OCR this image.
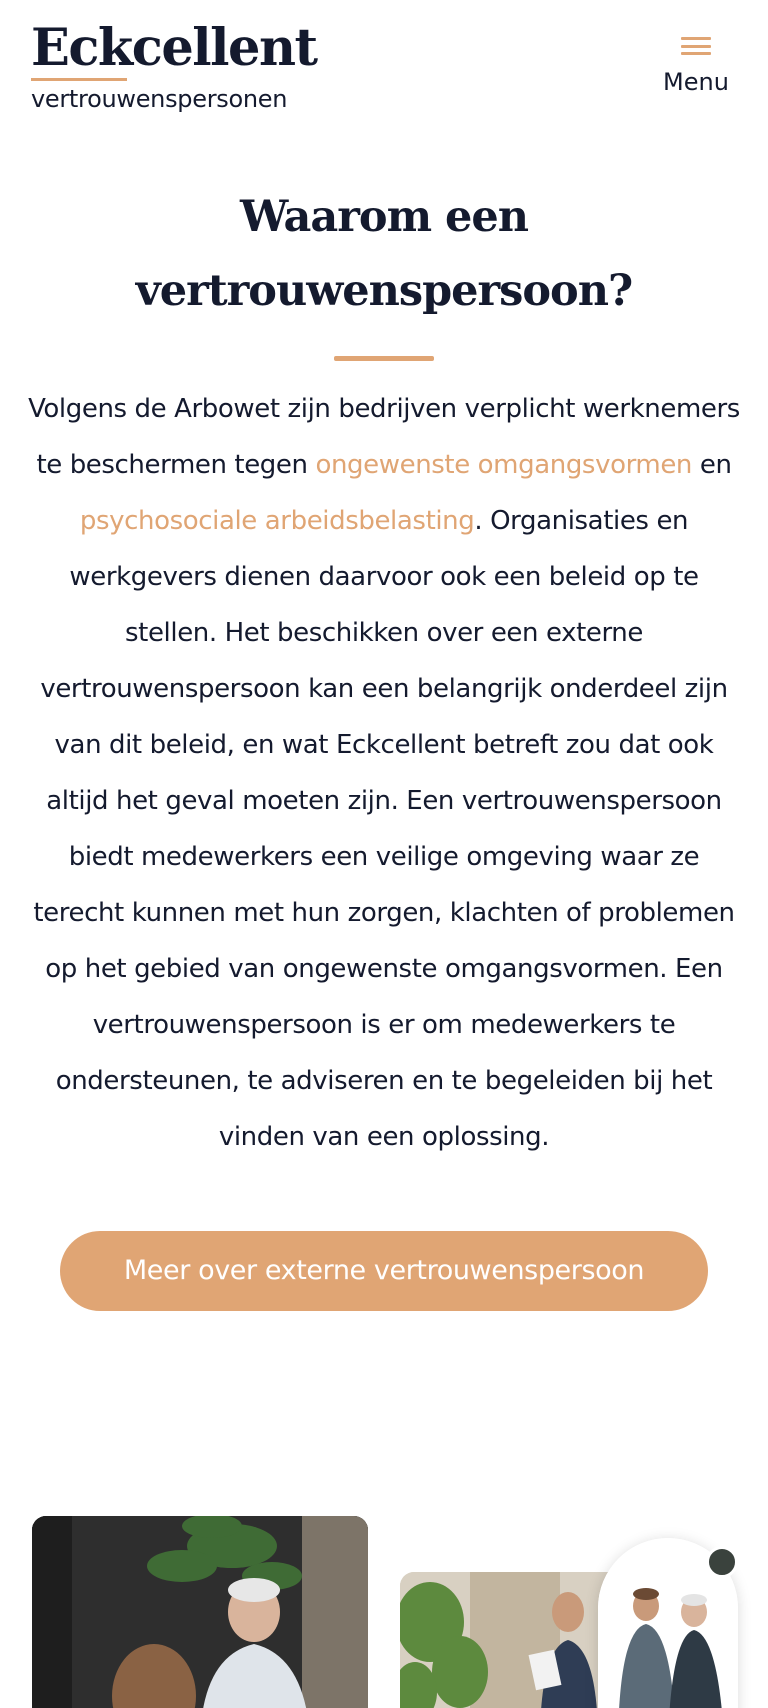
Eckcellent
vertrouwenspersonen
Menu
Waarom een vertrouwenspersoon?

Volgens de Arbowet zijn bedrijven verplicht werknemers te beschermen tegen ongewenste omgangsvormen en psychosociale arbeidsbelasting. Organisaties en werkgevers dienen daarvoor ook een beleid op te stellen. Het beschikken over een externe vertrouwenspersoon kan een belangrijk onderdeel zijn van dit beleid, en wat Eckcellent betreft zou dat ook altijd het geval moeten zijn. Een vertrouwenspersoon biedt medewerkers een veilige omgeving waar ze terecht kunnen met hun zorgen, klachten of problemen op het gebied van ongewenste omgangsvormen. Een vertrouwenspersoon is er om medewerkers te ondersteunen, te adviseren en te begeleiden bij het vinden van een oplossing.

Meer over externe vertrouwenspersoon
